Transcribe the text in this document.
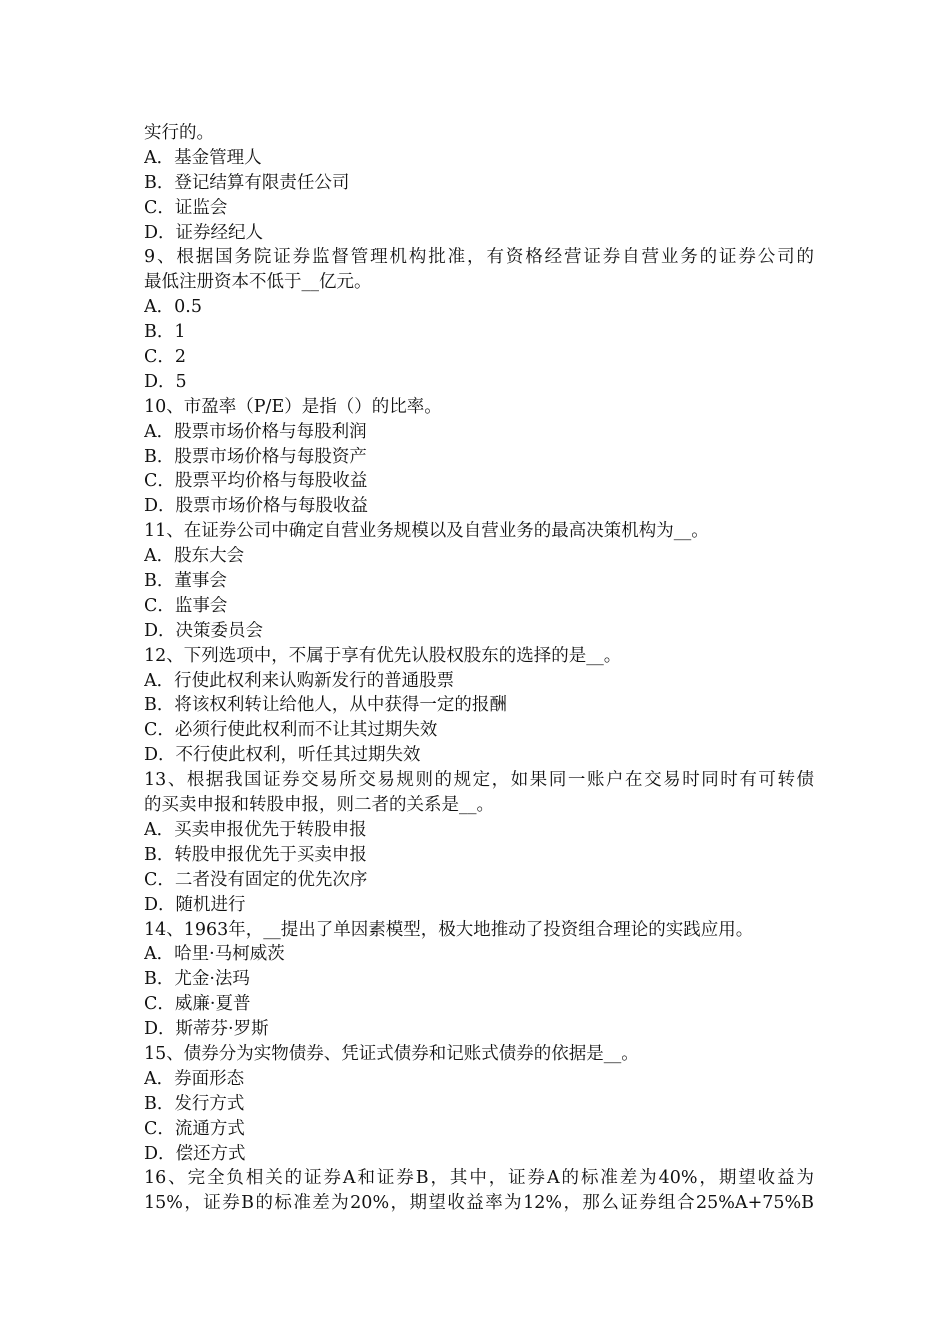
实行的。
A．基金管理人
B．登记结算有限责任公司
C．证监会
D．证券经纪人
9、根据国务院证券监督管理机构批准，有资格经营证券自营业务的证券公司的
最低注册资本不低于__亿元。
A．0.5
B．1
C．2
D．5
10、市盈率（P/E）是指（）的比率。
A．股票市场价格与每股利润
B．股票市场价格与每股资产
C．股票平均价格与每股收益
D．股票市场价格与每股收益
11、在证券公司中确定自营业务规模以及自营业务的最高决策机构为__。
A．股东大会
B．董事会
C．监事会
D．决策委员会
12、下列选项中，不属于享有优先认股权股东的选择的是__。
A．行使此权利来认购新发行的普通股票
B．将该权利转让给他人，从中获得一定的报酬
C．必须行使此权利而不让其过期失效
D．不行使此权利，听任其过期失效
13、根据我国证券交易所交易规则的规定，如果同一账户在交易时同时有可转债
的买卖申报和转股申报，则二者的关系是__。
A．买卖申报优先于转股申报
B．转股申报优先于买卖申报
C．二者没有固定的优先次序
D．随机进行
14、1963年，__提出了单因素模型，极大地推动了投资组合理论的实践应用。
A．哈里·马柯威茨
B．尤金·法玛
C．威廉·夏普
D．斯蒂芬·罗斯
15、债券分为实物债券、凭证式债券和记账式债券的依据是__。
A．券面形态
B．发行方式
C．流通方式
D．偿还方式
16、完全负相关的证券A和证券B，其中，证券A的标准差为40%，期望收益为
15%，证券B的标准差为20%，期望收益率为12%，那么证券组合25%A+75%B
